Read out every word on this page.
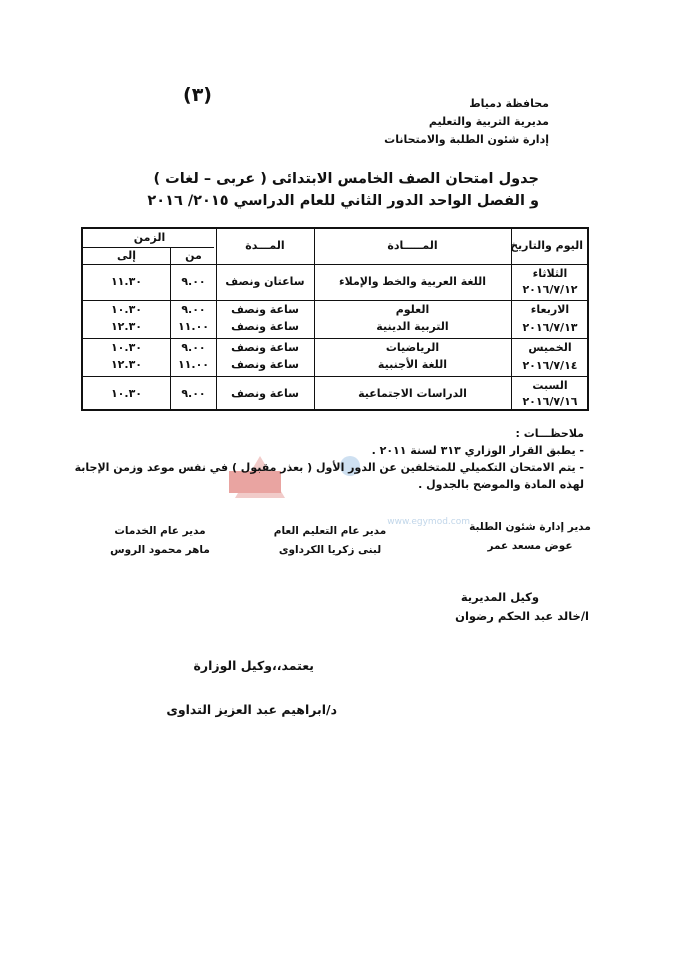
(٣)	محافظة دمياط
مديرية التربية والتعليم
إدارة شئون الطلبة والامتحانات
جدول امتحان الصف الخامس الابتدائى ( عربى – لغات )
و الفصل الواحد الدور الثاني للعام الدراسي ٢٠١٥/ ٢٠١٦
اليوم والتاريخ
المـــــادة
المـــدة
الزمن
من
إلى
الثلاثاء
٢٠١٦/٧/١٢
اللغة العربية والخط والإملاء
ساعتان ونصف
٩.٠٠
١١.٣٠
الاربعاء
٢٠١٦/٧/١٣
العلوم
التربية الدينية
ساعة ونصف
ساعة ونصف
٩.٠٠
١١.٠٠
١٠.٣٠
١٢.٣٠
الخميس
٢٠١٦/٧/١٤
الرياضيات
اللغة الأجنبية
ساعة ونصف
ساعة ونصف
٩.٠٠
١١.٠٠
١٠.٣٠
١٢.٣٠
السبت
٢٠١٦/٧/١٦
الدراسات الاجتماعية
ساعة ونصف
٩.٠٠
١٠.٣٠
www.egymod.com
ملاحظـــات :
- يطبق القرار الوزاري ٣١٣ لسنة ٢٠١١ .
- يتم الامتحان التكميلي للمتخلفين عن الدور الأول ( بعذر مقبول ) في نفس موعد وزمن الإجابة
لهذه المادة والموضح بالجدول .
مدير إدارة شئون الطلبة
عوض مسعد عمر
مدير عام التعليم العام
لبنى زكريا الكرداوى
مدير عام الخدمات
ماهر محمود الروس
وكيل المديرية
ا/خالد عبد الحكم رضوان
يعتمد،،وكيل الوزارة
د/ابراهيم عبد العزيز التداوى
